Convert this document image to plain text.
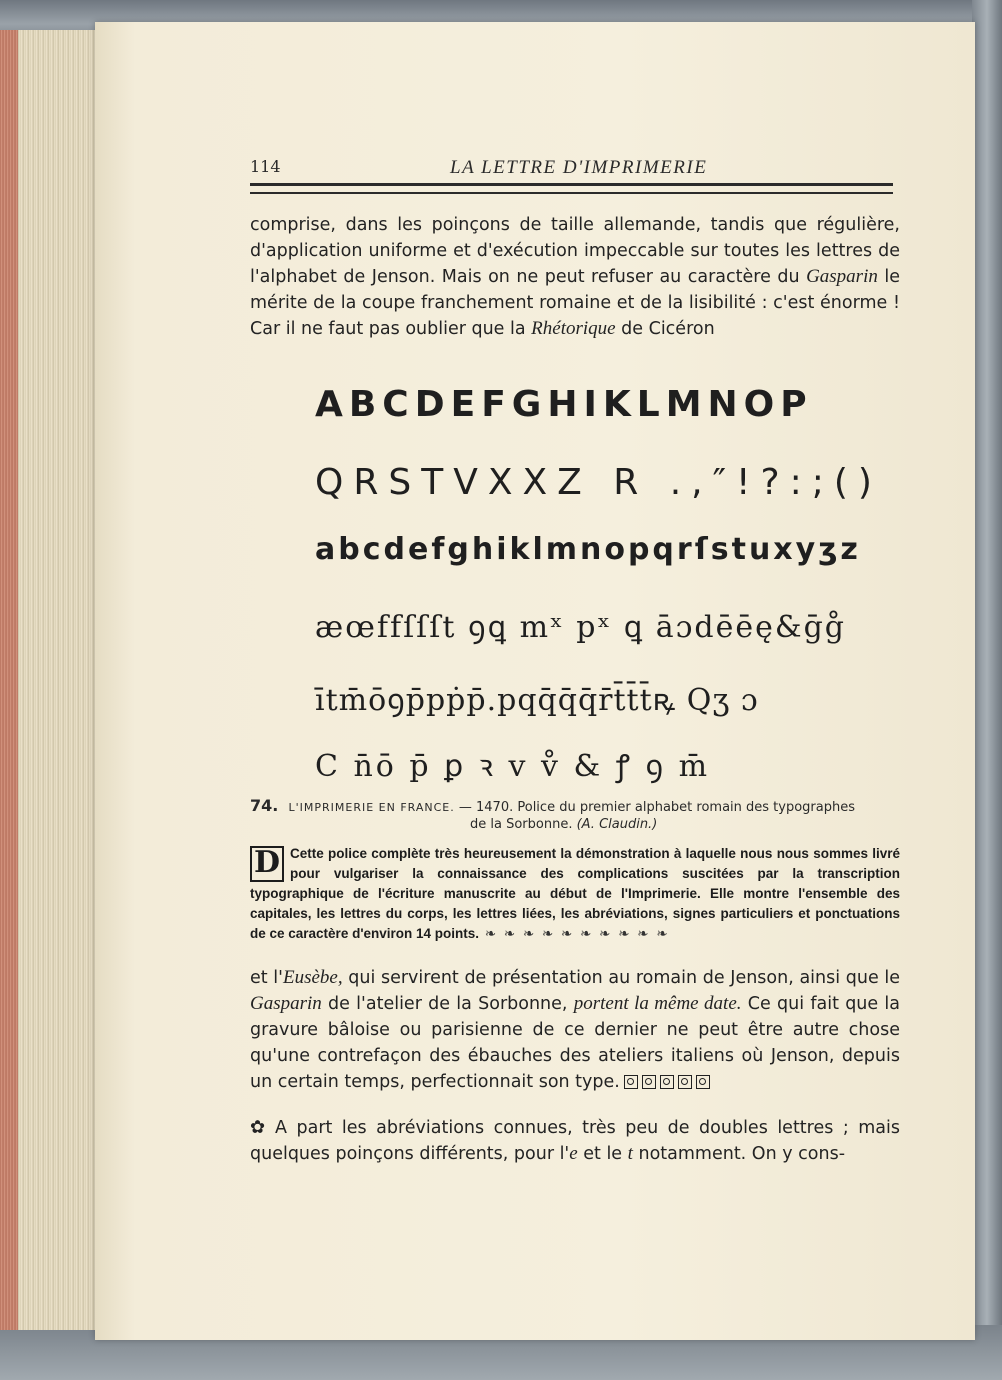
114	LA LETTRE D'IMPRIMERIE

comprise, dans les poinçons de taille allemande, tandis que régulière, d'application uniforme et d'exécution impeccable sur toutes les lettres de l'alphabet de Jenson. Mais on ne peut refuser au caractère du Gasparin le mérite de la coupe franchement romaine et de la lisibilité : c'est énorme ! Car il ne faut pas oublier que la Rhétorique de Cicéron

ABCDEFGHIKLMNOP
QRSTVXXZ R .,″!?:;()
abcdefghiklmnopqrſstuxyʒz
æœffſſſt ꝯꝗ mˣ pˣ ꝗ āɔdēēę&ḡg̊
ītm̄ōꝯp̄pṗp̄.pqq̄q̄q̄r̄t̄t̄t̄ꝶ Qʒ ɔ
C n̄ō p̄ ꝑ ꝛ v v̊ & ꝭ ꝯ m̄
74. L'IMPRIMERIE EN FRANCE. — 1470. Police du premier alphabet romain des typographes
de la Sorbonne. (A. Claudin.)
D Cette police complète très heureusement la démonstration à laquelle nous nous sommes livré pour vulgariser la connaissance des complications suscitées par la transcription typographique de l'écriture manuscrite au début de l'Imprimerie. Elle montre l'ensemble des capitales, les lettres du corps, les lettres liées, les abréviations, signes particuliers et ponctuations de ce caractère d'environ 14 points. ❧ ❧ ❧ ❧ ❧ ❧ ❧ ❧ ❧ ❧

et l'Eusèbe, qui servirent de présentation au romain de Jenson, ainsi que le Gasparin de l'atelier de la Sorbonne, portent la même date. Ce qui fait que la gravure bâloise ou parisienne de ce dernier ne peut être autre chose qu'une contrefaçon des ébauches des ateliers italiens où Jenson, depuis un certain temps, perfectionnait son type.

✿ A part les abréviations connues, très peu de doubles lettres ; mais quelques poinçons différents, pour l'e et le t notamment. On y cons-
